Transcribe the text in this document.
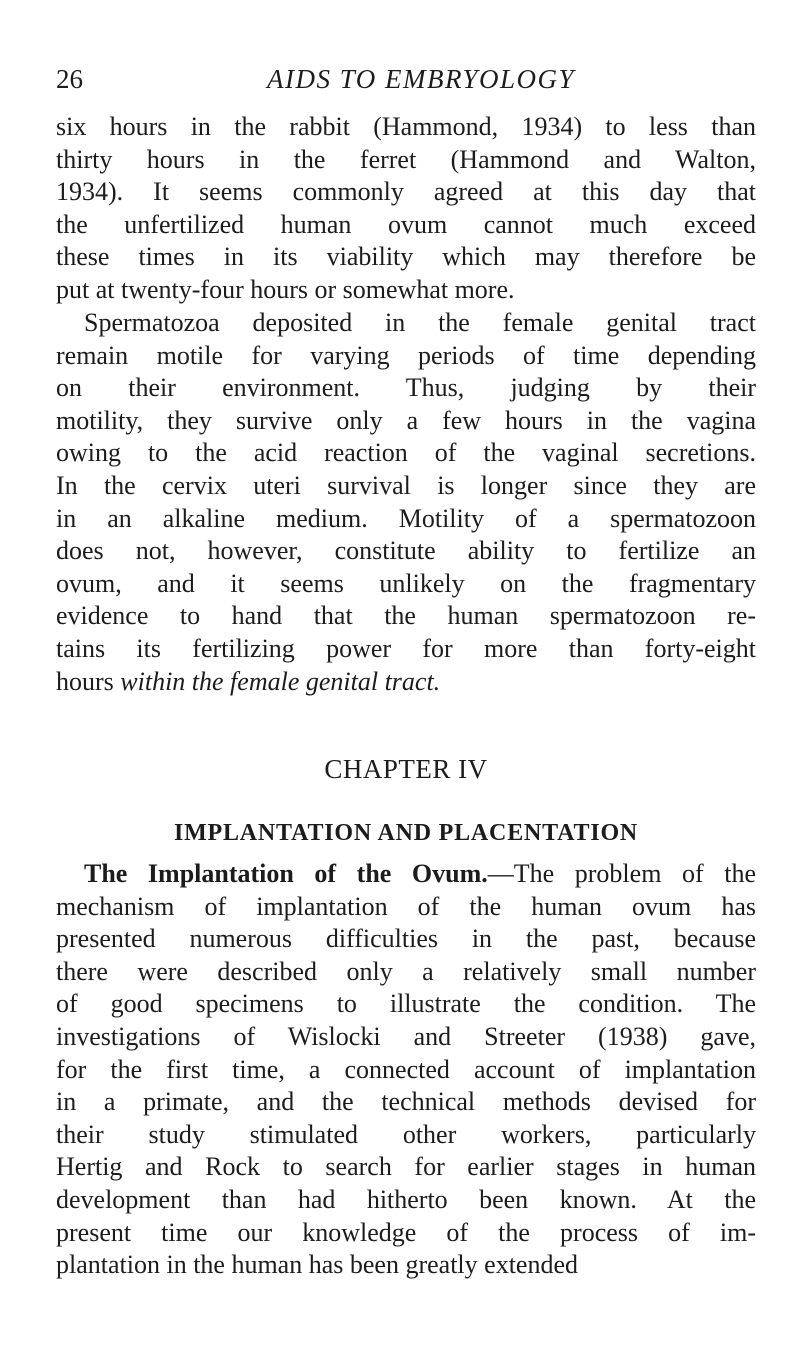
26	AIDS TO EMBRYOLOGY
six hours in the rabbit (Hammond, 1934) to less than
thirty hours in the ferret (Hammond and Walton,
1934). It seems commonly agreed at this day that
the unfertilized human ovum cannot much exceed
these times in its viability which may therefore be
put at twenty-four hours or somewhat more.
Spermatozoa deposited in the female genital tract
remain motile for varying periods of time depending
on their environment. Thus, judging by their
motility, they survive only a few hours in the vagina
owing to the acid reaction of the vaginal secretions.
In the cervix uteri survival is longer since they are
in an alkaline medium. Motility of a spermatozoon
does not, however, constitute ability to fertilize an
ovum, and it seems unlikely on the fragmentary
evidence to hand that the human spermatozoon re-
tains its fertilizing power for more than forty-eight
hours within the female genital tract.
CHAPTER IV
IMPLANTATION AND PLACENTATION
The Implantation of the Ovum.—The problem of the
mechanism of implantation of the human ovum has
presented numerous difficulties in the past, because
there were described only a relatively small number
of good specimens to illustrate the condition. The
investigations of Wislocki and Streeter (1938) gave,
for the first time, a connected account of implantation
in a primate, and the technical methods devised for
their study stimulated other workers, particularly
Hertig and Rock to search for earlier stages in human
development than had hitherto been known. At the
present time our knowledge of the process of im-
plantation in the human has been greatly extended
